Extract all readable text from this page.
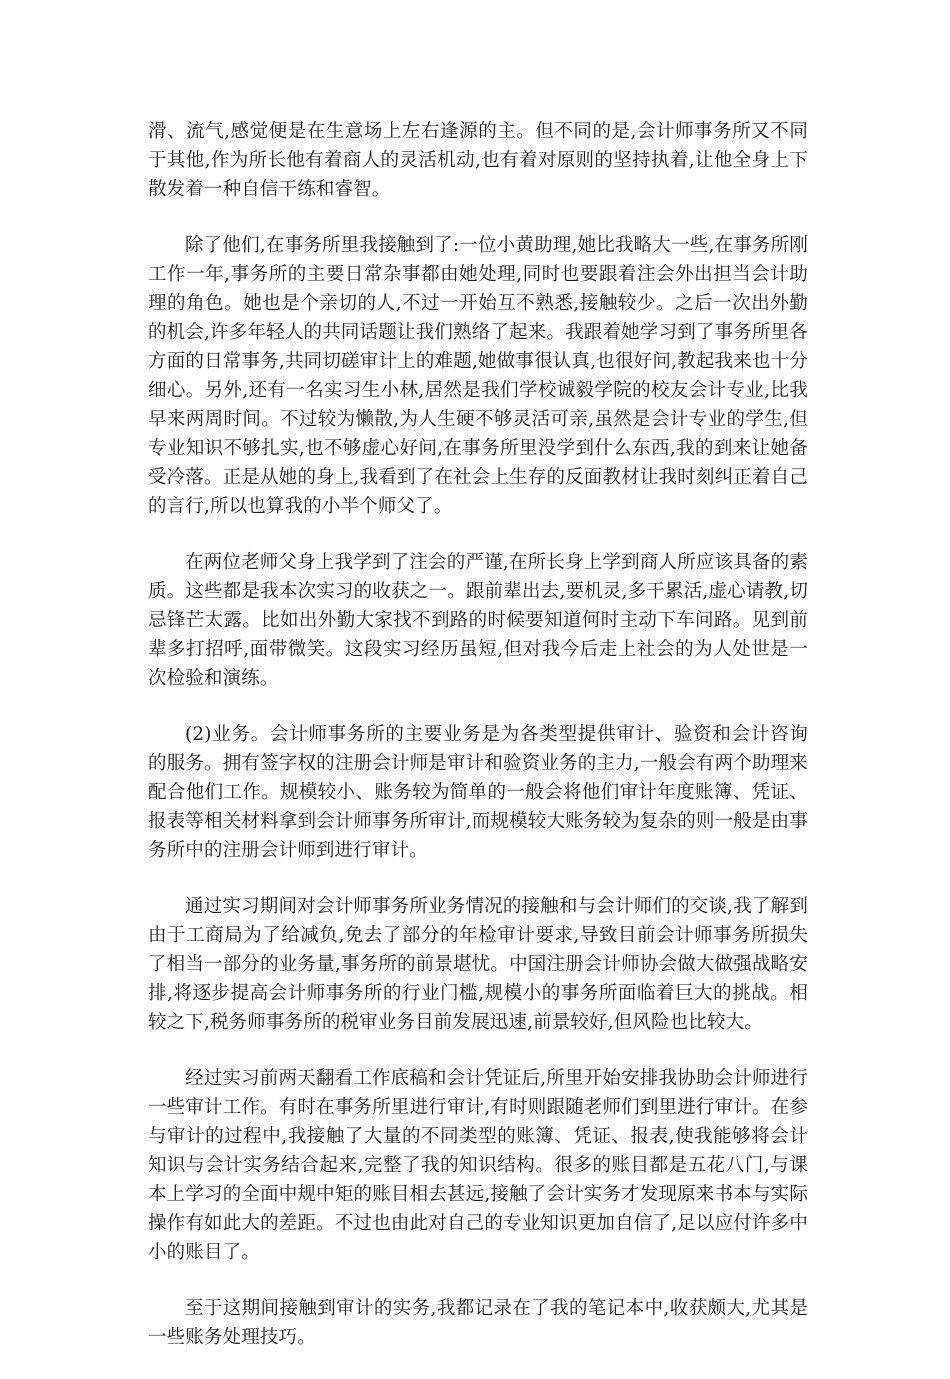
滑、流气,感觉便是在生意场上左右逢源的主。但不同的是,会计师事务所又不同于其他,作为所长他有着商人的灵活机动,也有着对原则的坚持执着,让他全身上下散发着一种自信干练和睿智。

除了他们,在事务所里我接触到了:一位小黄助理,她比我略大一些,在事务所刚工作一年,事务所的主要日常杂事都由她处理,同时也要跟着注会外出担当会计助理的角色。她也是个亲切的人,不过一开始互不熟悉,接触较少。之后一次出外勤的机会,许多年轻人的共同话题让我们熟络了起来。我跟着她学习到了事务所里各方面的日常事务,共同切磋审计上的难题,她做事很认真,也很好问,教起我来也十分细心。另外,还有一名实习生小林,居然是我们学校诚毅学院的校友会计专业,比我早来两周时间。不过较为懒散,为人生硬不够灵活可亲,虽然是会计专业的学生,但专业知识不够扎实,也不够虚心好问,在事务所里没学到什么东西,我的到来让她备受冷落。正是从她的身上,我看到了在社会上生存的反面教材让我时刻纠正着自己的言行,所以也算我的小半个师父了。

在两位老师父身上我学到了注会的严谨,在所长身上学到商人所应该具备的素质。这些都是我本次实习的收获之一。跟前辈出去,要机灵,多干累活,虚心请教,切忌锋芒太露。比如出外勤大家找不到路的时候要知道何时主动下车问路。见到前辈多打招呼,面带微笑。这段实习经历虽短,但对我今后走上社会的为人处世是一次检验和演练。

(2)业务。会计师事务所的主要业务是为各类型提供审计、验资和会计咨询的服务。拥有签字权的注册会计师是审计和验资业务的主力,一般会有两个助理来配合他们工作。规模较小、账务较为简单的一般会将他们审计年度账簿、凭证、报表等相关材料拿到会计师事务所审计,而规模较大账务较为复杂的则一般是由事务所中的注册会计师到进行审计。

通过实习期间对会计师事务所业务情况的接触和与会计师们的交谈,我了解到由于工商局为了给减负,免去了部分的年检审计要求,导致目前会计师事务所损失了相当一部分的业务量,事务所的前景堪忧。中国注册会计师协会做大做强战略安排,将逐步提高会计师事务所的行业门槛,规模小的事务所面临着巨大的挑战。相较之下,税务师事务所的税审业务目前发展迅速,前景较好,但风险也比较大。

经过实习前两天翻看工作底稿和会计凭证后,所里开始安排我协助会计师进行一些审计工作。有时在事务所里进行审计,有时则跟随老师们到里进行审计。在参与审计的过程中,我接触了大量的不同类型的账簿、凭证、报表,使我能够将会计知识与会计实务结合起来,完整了我的知识结构。很多的账目都是五花八门,与课本上学习的全面中规中矩的账目相去甚远,接触了会计实务才发现原来书本与实际操作有如此大的差距。不过也由此对自己的专业知识更加自信了,足以应付许多中小的账目了。

至于这期间接触到审计的实务,我都记录在了我的笔记本中,收获颇大,尤其是一些账务处理技巧。
